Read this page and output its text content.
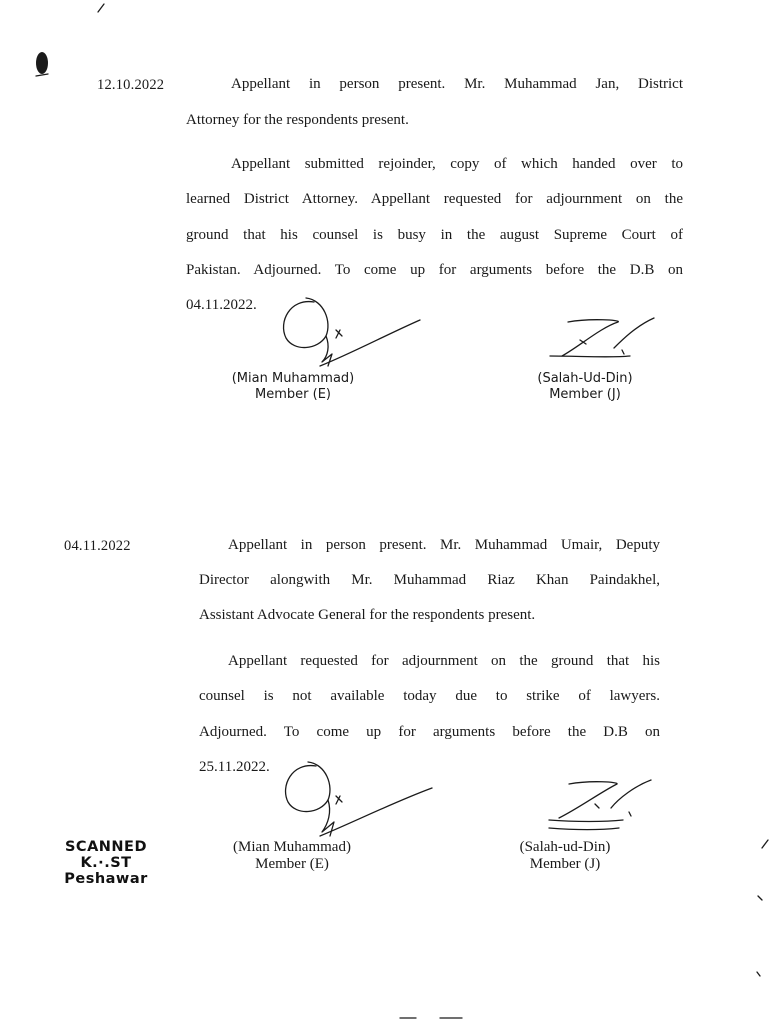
12.10.2022	Appellant in person present. Mr. Muhammad Jan, District
Attorney for the respondents present.
Appellant submitted rejoinder, copy of which handed over to
learned District Attorney. Appellant requested for adjournment on the
ground that his counsel is busy in the august Supreme Court of
Pakistan. Adjourned. To come up for arguments before the D.B on
04.11.2022.
(Mian Muhammad)
Member (E)
(Salah-Ud-Din)
Member (J)
04.11.2022	Appellant in person present. Mr. Muhammad Umair, Deputy
Director alongwith Mr. Muhammad Riaz Khan Paindakhel,
Assistant Advocate General for the respondents present.
Appellant requested for adjournment on the ground that his
counsel is not available today due to strike of lawyers.
Adjourned. To come up for arguments before the D.B on
25.11.2022.
(Mian Muhammad)
Member (E)
(Salah-ud-Din)
Member (J)
SCANNED
K.·.ST
Peshawar
